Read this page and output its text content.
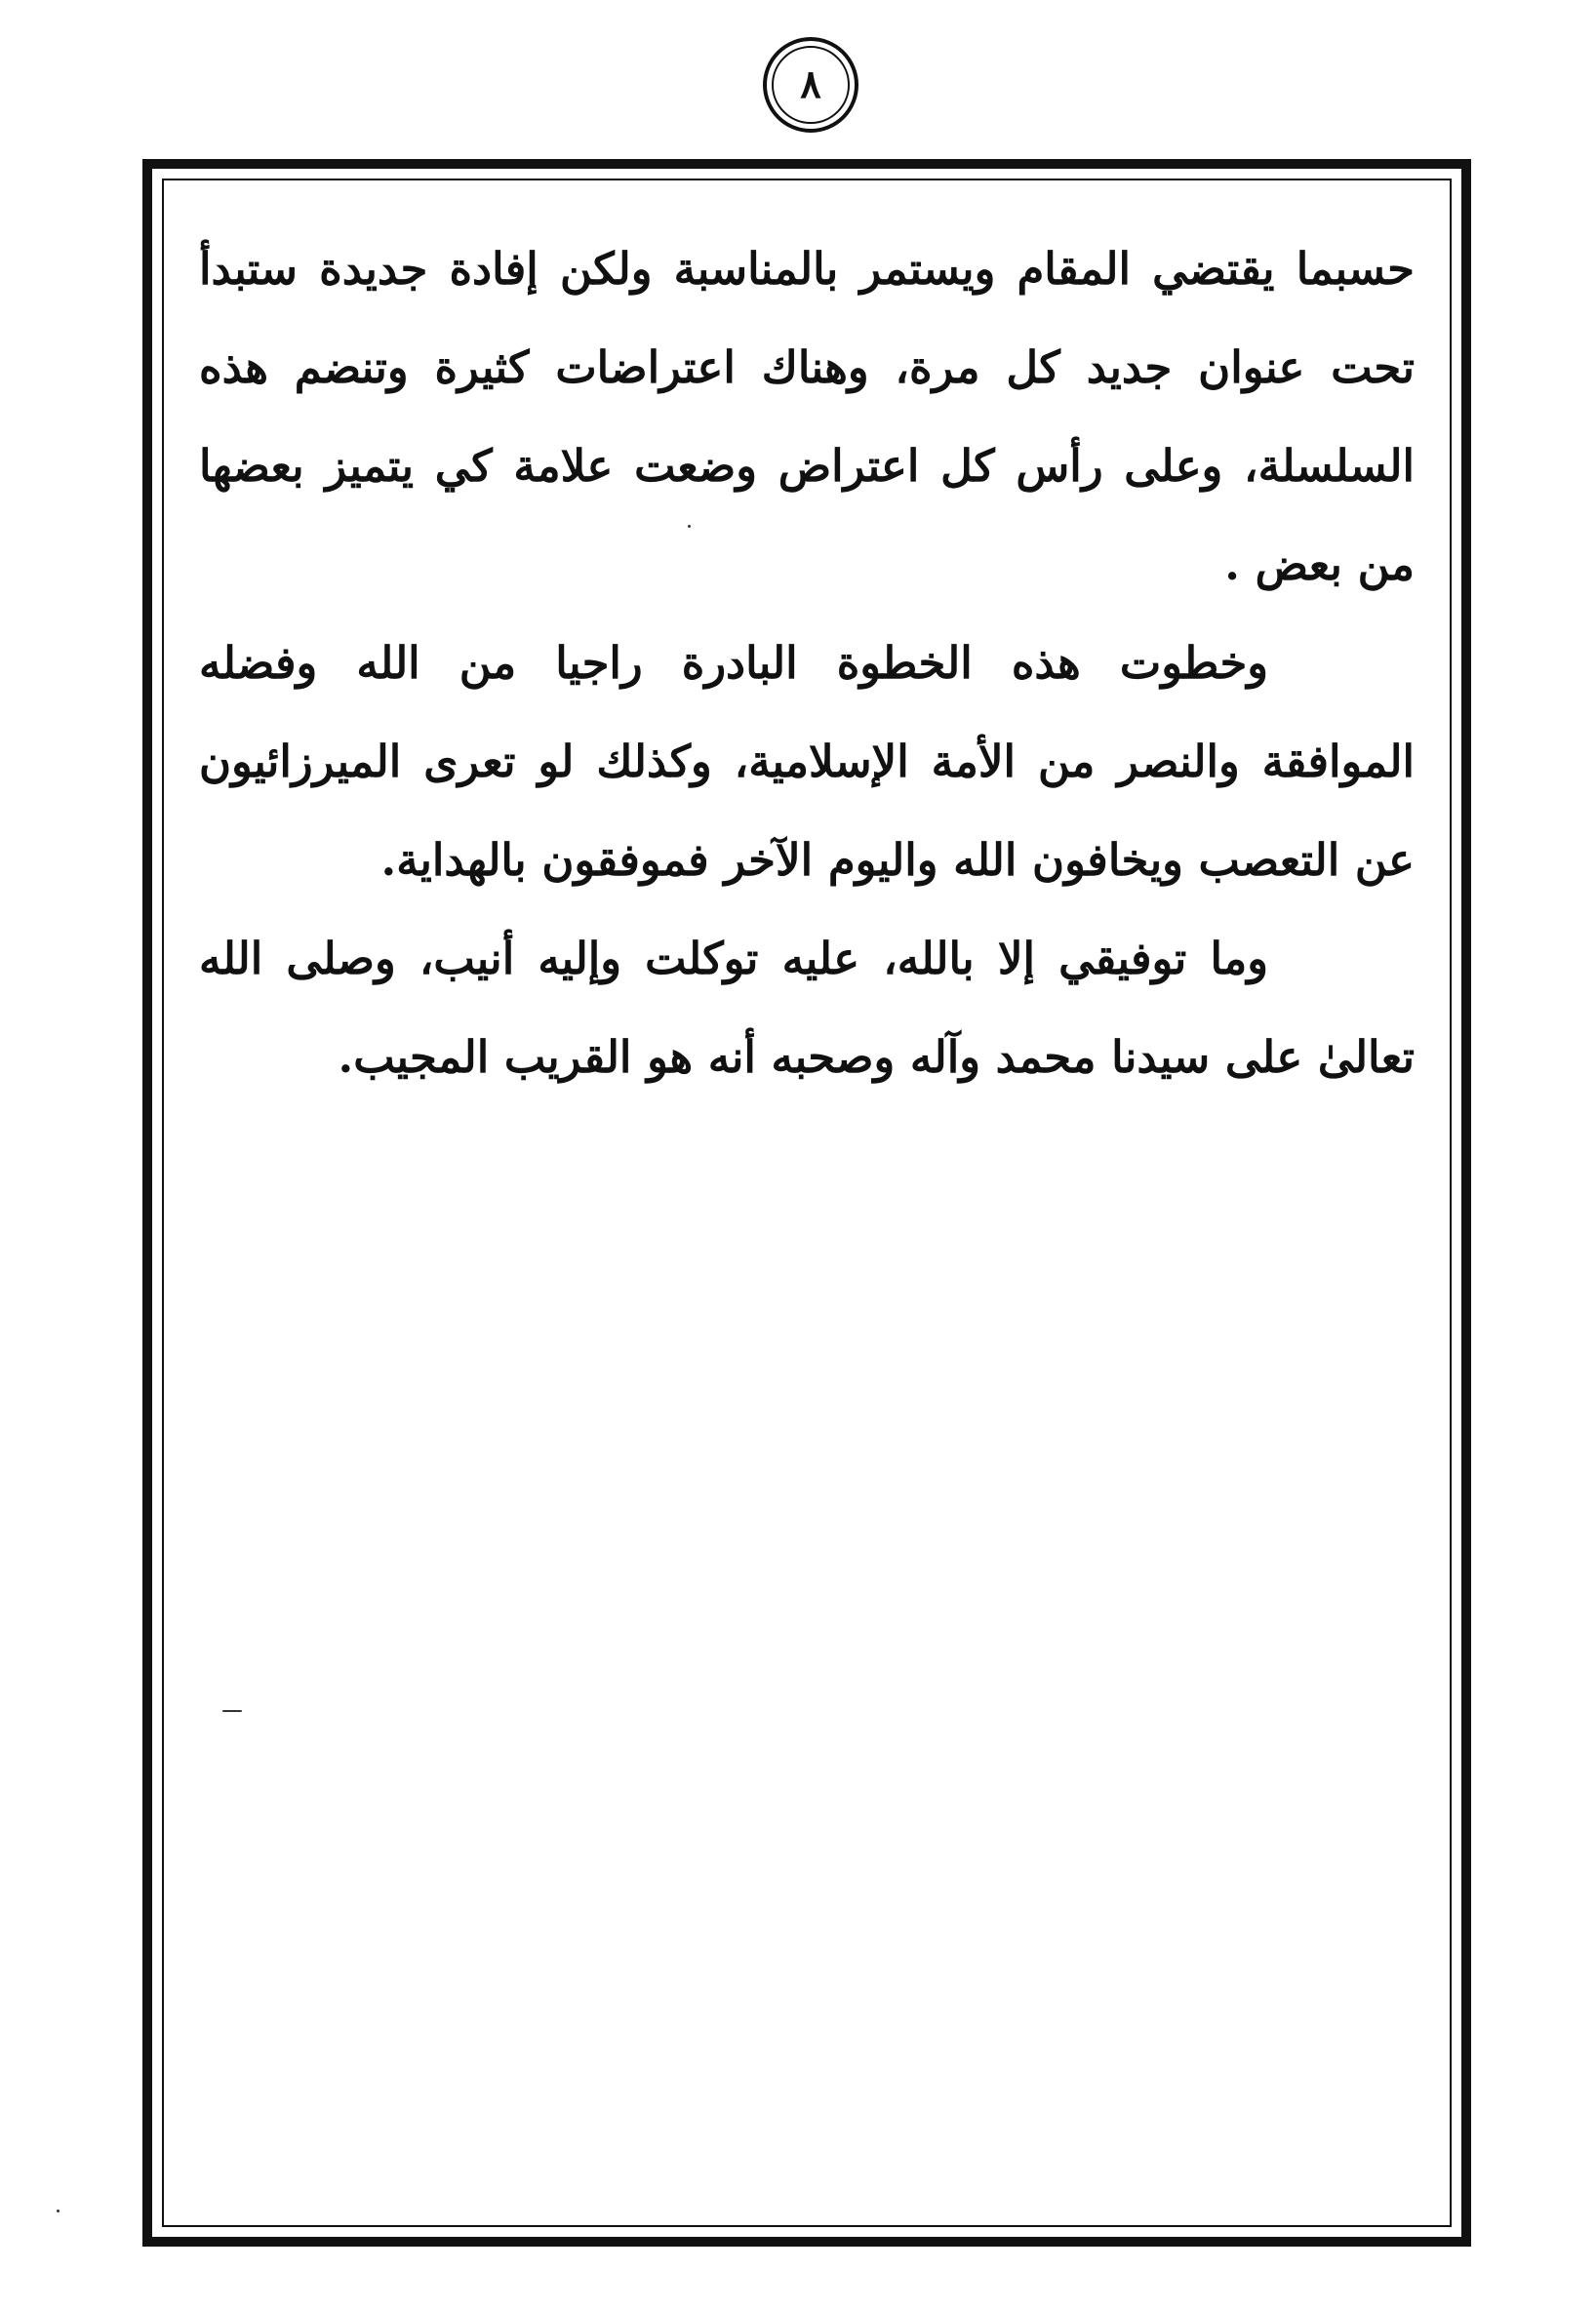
٨

حسبما يقتضي المقام ويستمر بالمناسبة ولكن إفادة جديدة ستبدأ تحت عنوان جديد كل مرة، وهناك اعتراضات كثيرة وتنضم هذه السلسلة، وعلى رأس كل اعتراض وضعت علامة كي يتميز بعضها من بعض .

وخطوت هذه الخطوة البادرة راجيا من الله وفضله الموافقة والنصر من الأمة الإسلامية، وكذلك لو تعرى الميرزائيون عن التعصب ويخافون الله واليوم الآخر فموفقون بالهداية.

وما توفيقي إلا بالله، عليه توكلت وإليه أنيب، وصلى الله تعالىٰ على سيدنا محمد وآله وصحبه أنه هو القريب المجيب.
